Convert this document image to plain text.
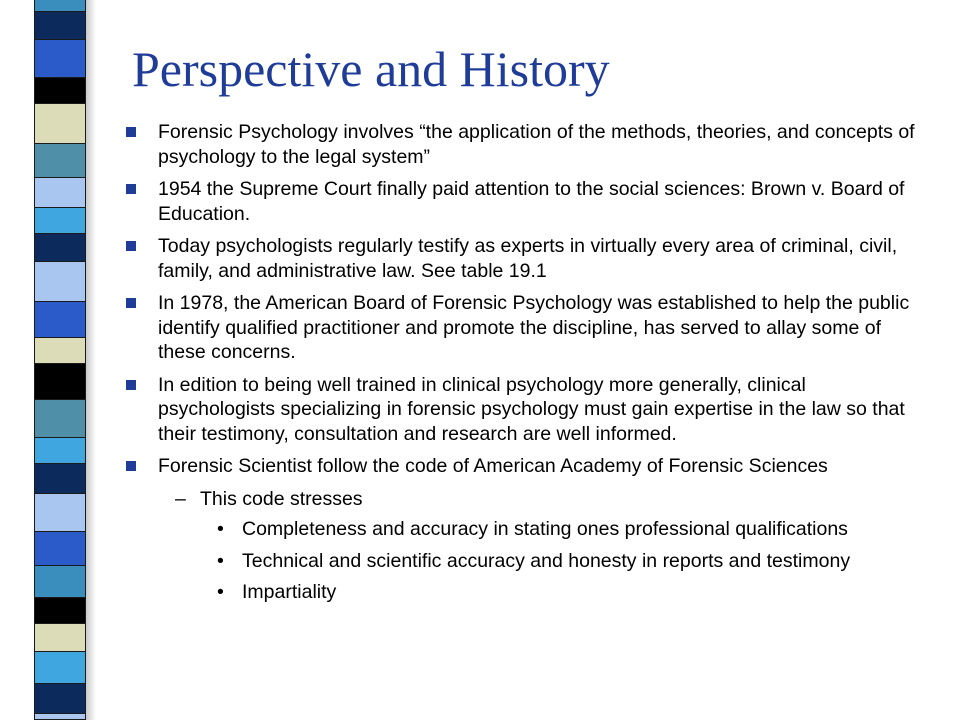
Perspective and History
Forensic Psychology involves “the application of the methods, theories, and concepts of psychology to the legal system”
1954 the Supreme Court finally paid attention to the social sciences: Brown v. Board of Education.
Today psychologists regularly testify as experts in virtually every area of criminal, civil, family, and administrative law. See table 19.1
In 1978, the American Board of Forensic Psychology was established to help the public identify qualified practitioner and promote the discipline, has served to allay some of these concerns.
In edition to being well trained in clinical psychology more generally, clinical psychologists specializing in forensic psychology must gain expertise in the law so that their testimony, consultation and research are well informed.
Forensic Scientist follow the code of American Academy of Forensic Sciences
– This code stresses
• Completeness and accuracy in stating ones professional qualifications
• Technical and scientific accuracy and honesty in reports and testimony
• Impartiality
